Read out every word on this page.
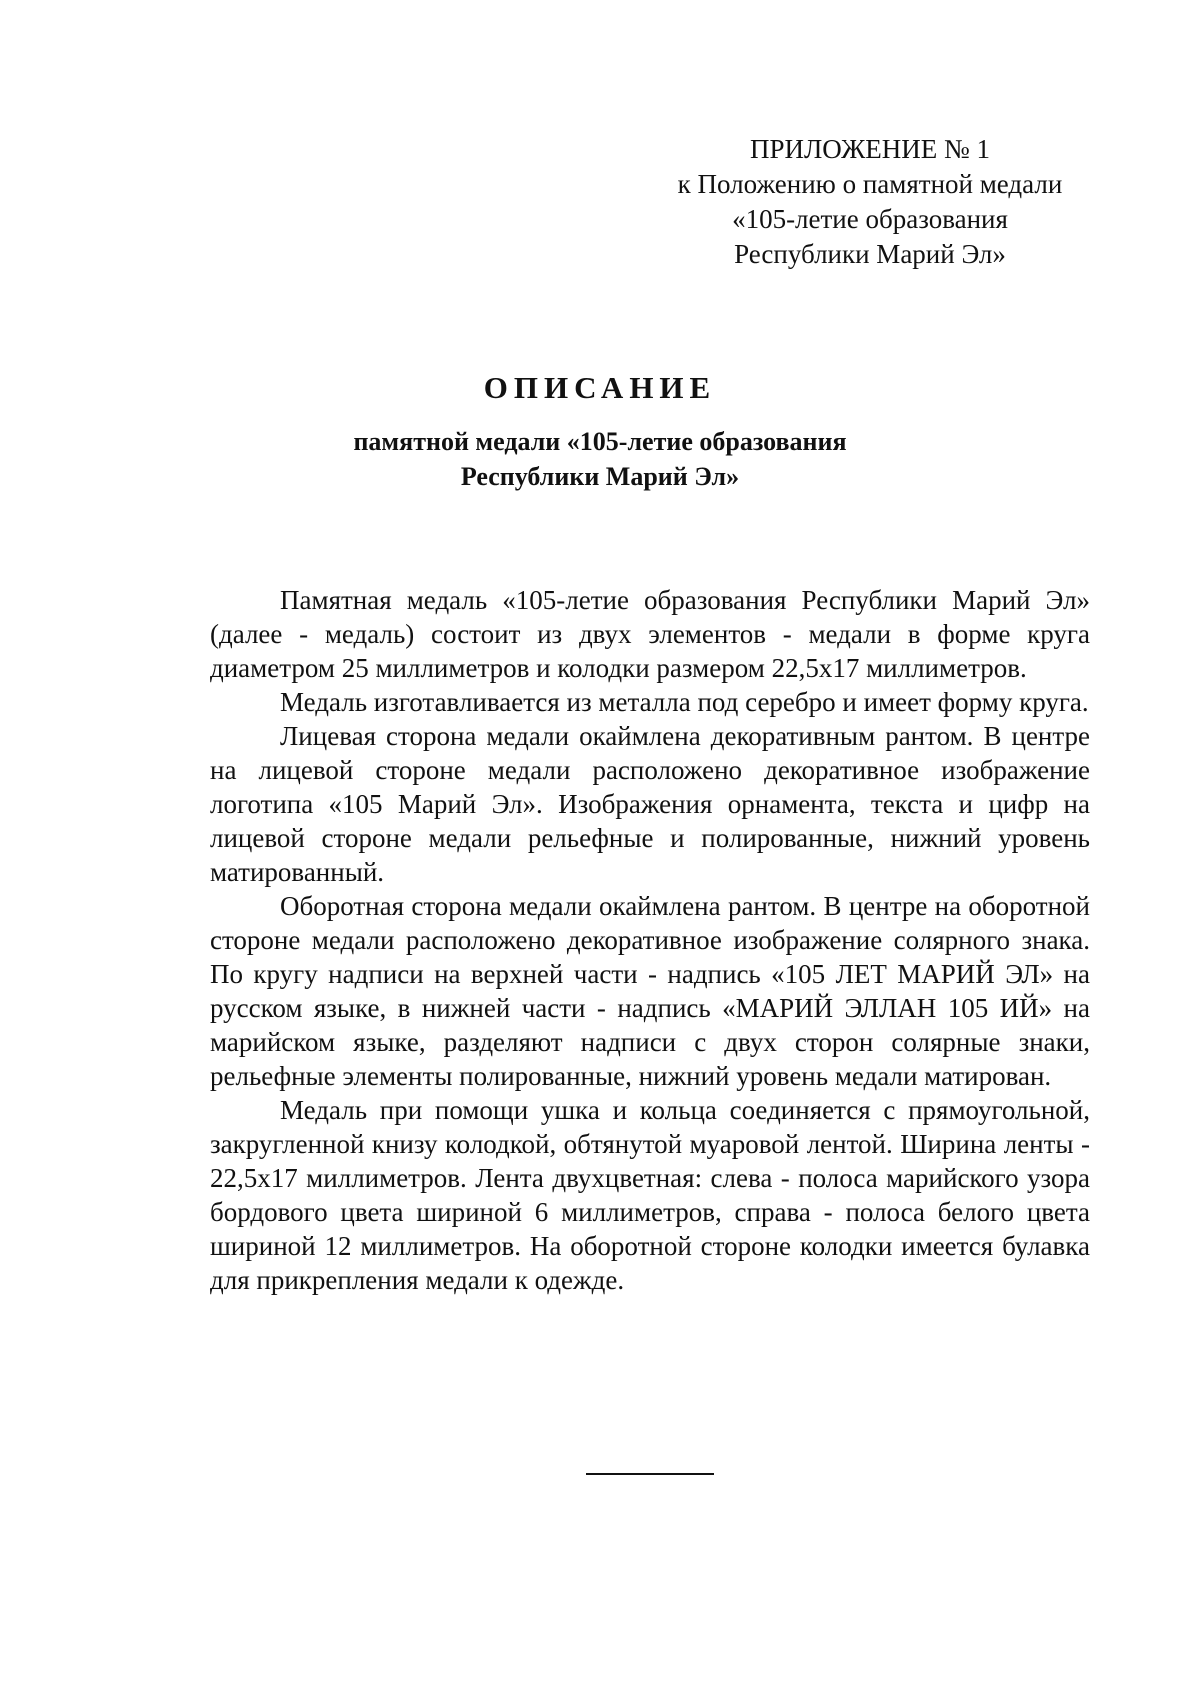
ПРИЛОЖЕНИЕ № 1
к Положению о памятной медали
«105-летие образования
Республики Марий Эл»
ОПИСАНИЕ
памятной медали «105-летие образования
Республики Марий Эл»

Памятная медаль «105-летие образования Республики Марий Эл» (далее - медаль) состоит из двух элементов - медали в форме круга диаметром 25 миллиметров и колодки размером 22,5x17 миллиметров.

Медаль изготавливается из металла под серебро и имеет форму круга.

Лицевая сторона медали окаймлена декоративным рантом. В центре на лицевой стороне медали расположено декоративное изображение логотипа «105 Марий Эл». Изображения орнамента, текста и цифр на лицевой стороне медали рельефные и полированные, нижний уровень матированный.

Оборотная сторона медали окаймлена рантом. В центре на оборотной стороне медали расположено декоративное изображение солярного знака. По кругу надписи на верхней части - надпись «105 ЛЕТ МАРИЙ ЭЛ» на русском языке, в нижней части - надпись «МАРИЙ ЭЛЛАН 105 ИЙ» на марийском языке, разделяют надписи с двух сторон солярные знаки, рельефные элементы полированные, нижний уровень медали матирован.

Медаль при помощи ушка и кольца соединяется с прямоугольной, закругленной книзу колодкой, обтянутой муаровой лентой. Ширина ленты - 22,5x17 миллиметров. Лента двухцветная: слева - полоса марийского узора бордового цвета шириной 6 миллиметров, справа - полоса белого цвета шириной 12 миллиметров. На оборотной стороне колодки имеется булавка для прикрепления медали к одежде.
